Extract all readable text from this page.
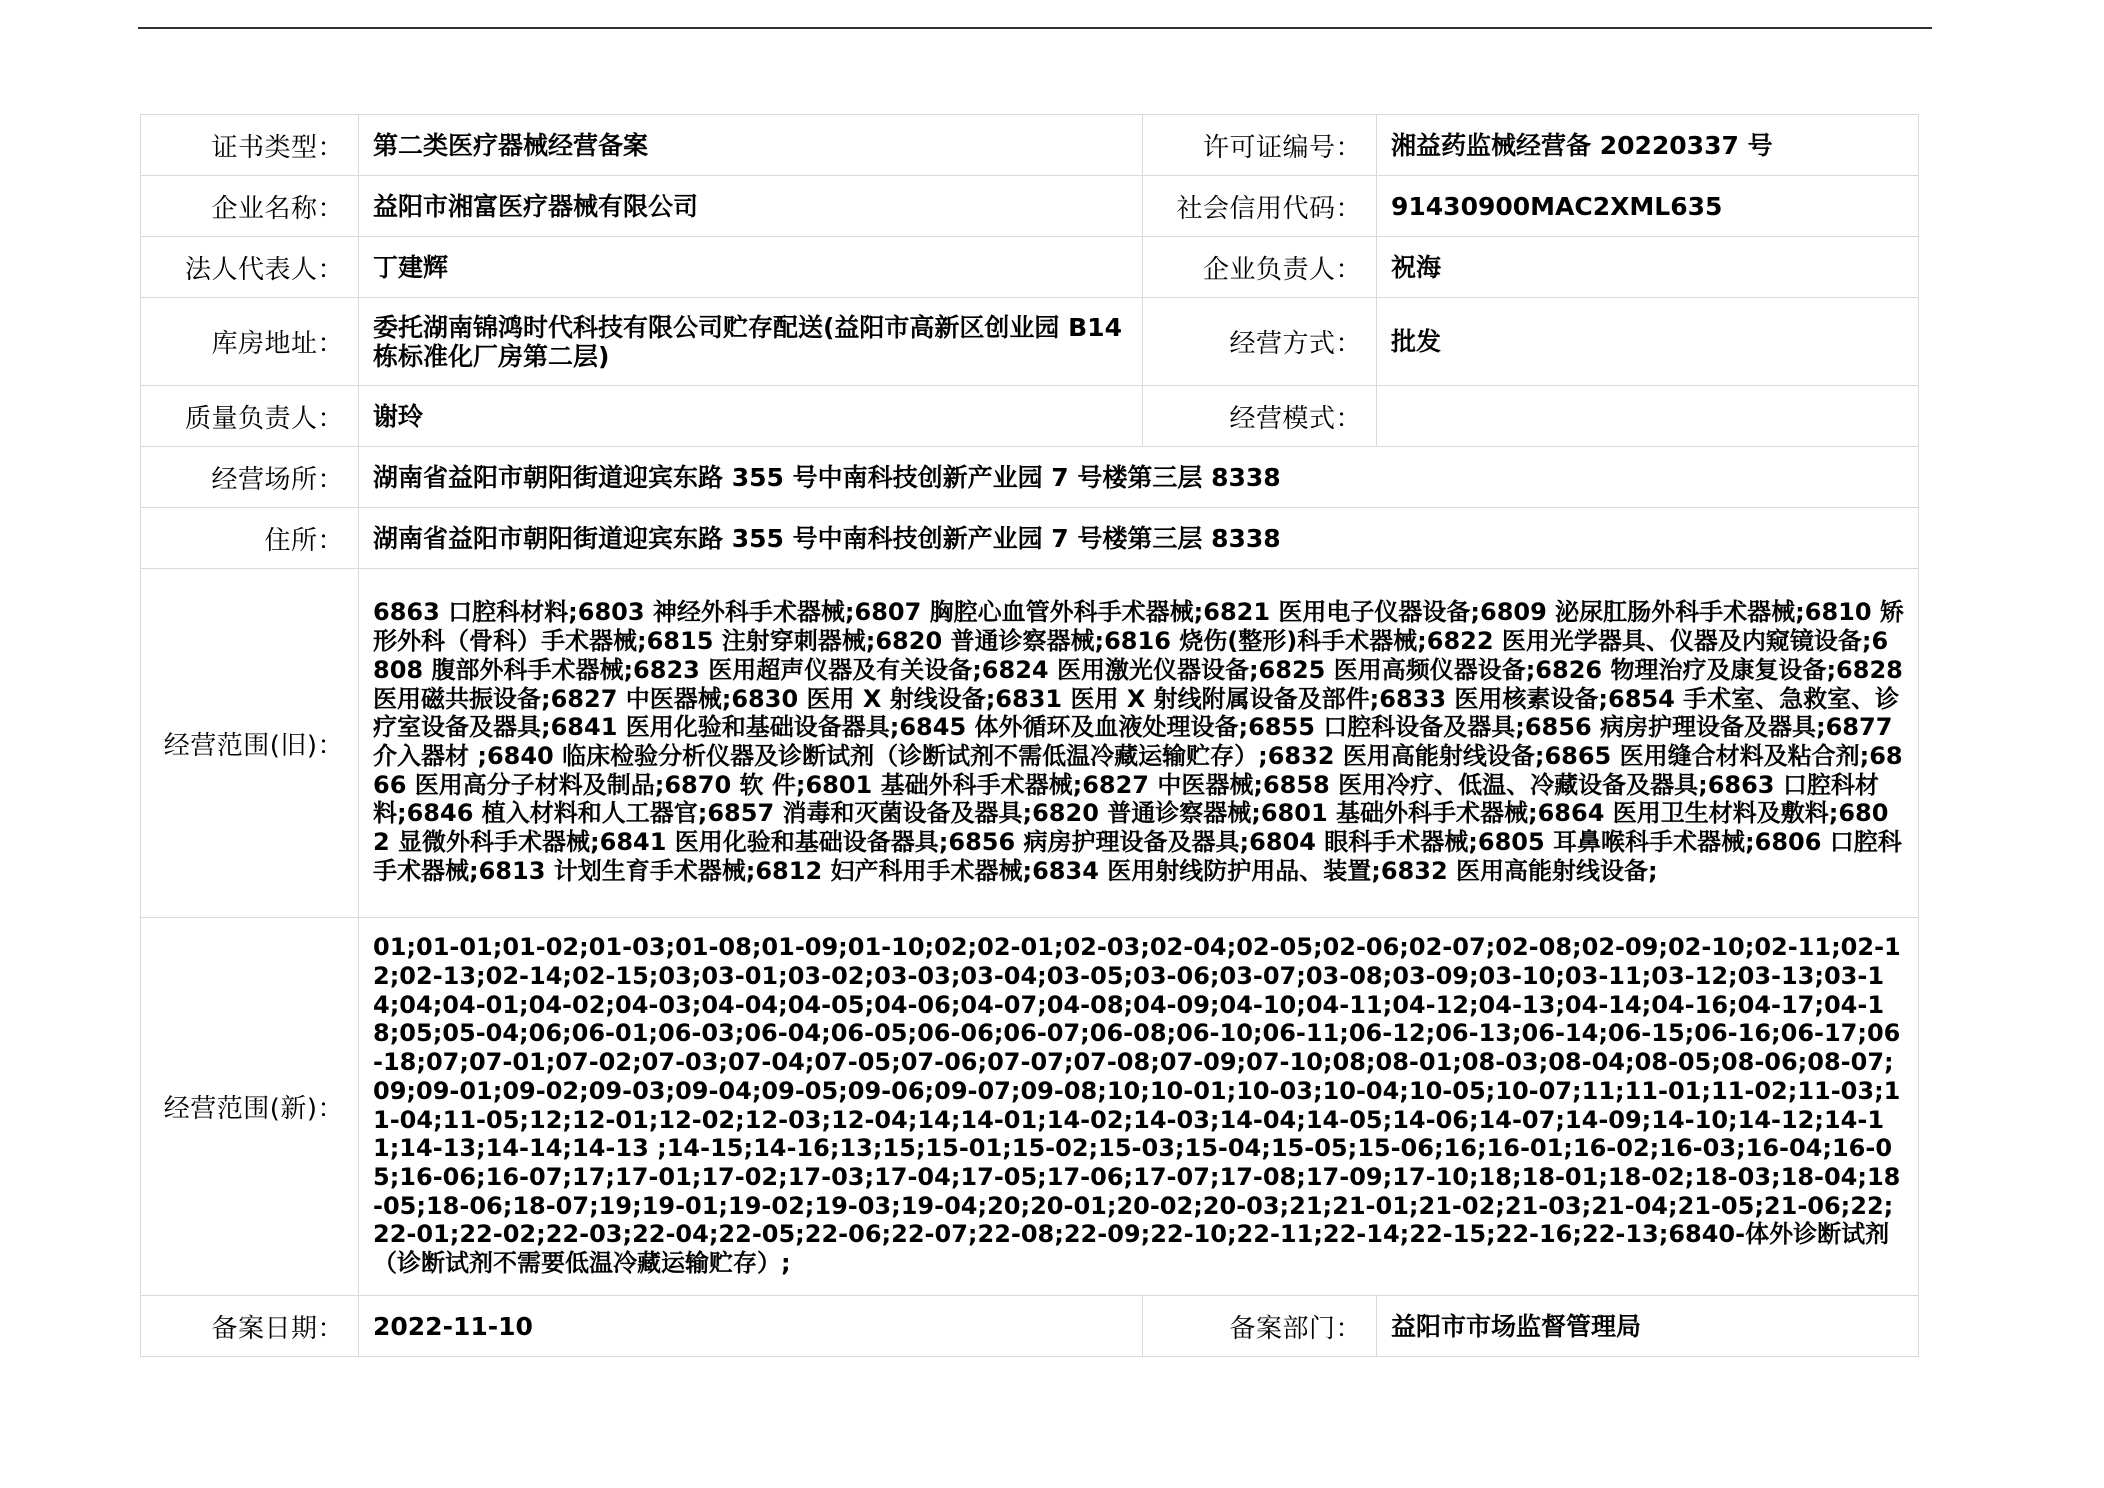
证书类型：	第二类医疗器械经营备案	许可证编号：	湘益药监械经营备 20220337 号
企业名称：	益阳市湘富医疗器械有限公司	社会信用代码：	91430900MAC2XML635
法人代表人：	丁建辉	企业负责人：	祝海
库房地址：	委托湖南锦鸿时代科技有限公司贮存配送(益阳市高新区创业园 B14 栋标准化厂房第二层)	经营方式：	批发
质量负责人：	谢玲	经营模式：	
经营场所：	湖南省益阳市朝阳街道迎宾东路 355 号中南科技创新产业园 7 号楼第三层 8338		
住所：	湖南省益阳市朝阳街道迎宾东路 355 号中南科技创新产业园 7 号楼第三层 8338		
经营范围(旧)：	6863 口腔科材料;6803 神经外科手术器械;6807 胸腔心血管外科手术器械;6821 医用电子仪器设备;6809 泌尿肛肠外科手术器械;6810 矫形外科（骨科）手术器械;6815 注射穿刺器械;6820 普通诊察器械;6816 烧伤(整形)科手术器械;6822 医用光学器具、仪器及内窥镜设备;6808 腹部外科手术器械;6823 医用超声仪器及有关设备;6824 医用激光仪器设备;6825 医用高频仪器设备;6826 物理治疗及康复设备;6828 医用磁共振设备;6827 中医器械;6830 医用 X 射线设备;6831 医用 X 射线附属设备及部件;6833 医用核素设备;6854 手术室、急救室、诊疗室设备及器具;6841 医用化验和基础设备器具;6845 体外循环及血液处理设备;6855 口腔科设备及器具;6856 病房护理设备及器具;6877 介入器材 ;6840 临床检验分析仪器及诊断试剂（诊断试剂不需低温冷藏运输贮存）;6832 医用高能射线设备;6865 医用缝合材料及粘合剂;6866 医用高分子材料及制品;6870 软 件;6801 基础外科手术器械;6827 中医器械;6858 医用冷疗、低温、冷藏设备及器具;6863 口腔科材料;6846 植入材料和人工器官;6857 消毒和灭菌设备及器具;6820 普通诊察器械;6801 基础外科手术器械;6864 医用卫生材料及敷料;6802 显微外科手术器械;6841 医用化验和基础设备器具;6856 病房护理设备及器具;6804 眼科手术器械;6805 耳鼻喉科手术器械;6806 口腔科手术器械;6813 计划生育手术器械;6812 妇产科用手术器械;6834 医用射线防护用品、装置;6832 医用高能射线设备;		
经营范围(新)：	01;01-01;01-02;01-03;01-08;01-09;01-10;02;02-01;02-03;02-04;02-05;02-06;02-07;02-08;02-09;02-10;02-11;02-12;02-13;02-14;02-15;03;03-01;03-02;03-03;03-04;03-05;03-06;03-07;03-08;03-09;03-10;03-11;03-12;03-13;03-14;04;04-01;04-02;04-03;04-04;04-05;04-06;04-07;04-08;04-09;04-10;04-11;04-12;04-13;04-14;04-16;04-17;04-18;05;05-04;06;06-01;06-03;06-04;06-05;06-06;06-07;06-08;06-10;06-11;06-12;06-13;06-14;06-15;06-16;06-17;06-18;07;07-01;07-02;07-03;07-04;07-05;07-06;07-07;07-08;07-09;07-10;08;08-01;08-03;08-04;08-05;08-06;08-07;09;09-01;09-02;09-03;09-04;09-05;09-06;09-07;09-08;10;10-01;10-03;10-04;10-05;10-07;11;11-01;11-02;11-03;11-04;11-05;12;12-01;12-02;12-03;12-04;14;14-01;14-02;14-03;14-04;14-05;14-06;14-07;14-09;14-10;14-12;14-11;14-13;14-14;14-13 ;14-15;14-16;13;15;15-01;15-02;15-03;15-04;15-05;15-06;16;16-01;16-02;16-03;16-04;16-05;16-06;16-07;17;17-01;17-02;17-03;17-04;17-05;17-06;17-07;17-08;17-09;17-10;18;18-01;18-02;18-03;18-04;18-05;18-06;18-07;19;19-01;19-02;19-03;19-04;20;20-01;20-02;20-03;21;21-01;21-02;21-03;21-04;21-05;21-06;22;22-01;22-02;22-03;22-04;22-05;22-06;22-07;22-08;22-09;22-10;22-11;22-14;22-15;22-16;22-13;6840-体外诊断试剂（诊断试剂不需要低温冷藏运输贮存）;		
备案日期：	2022-11-10	备案部门：	益阳市市场监督管理局
